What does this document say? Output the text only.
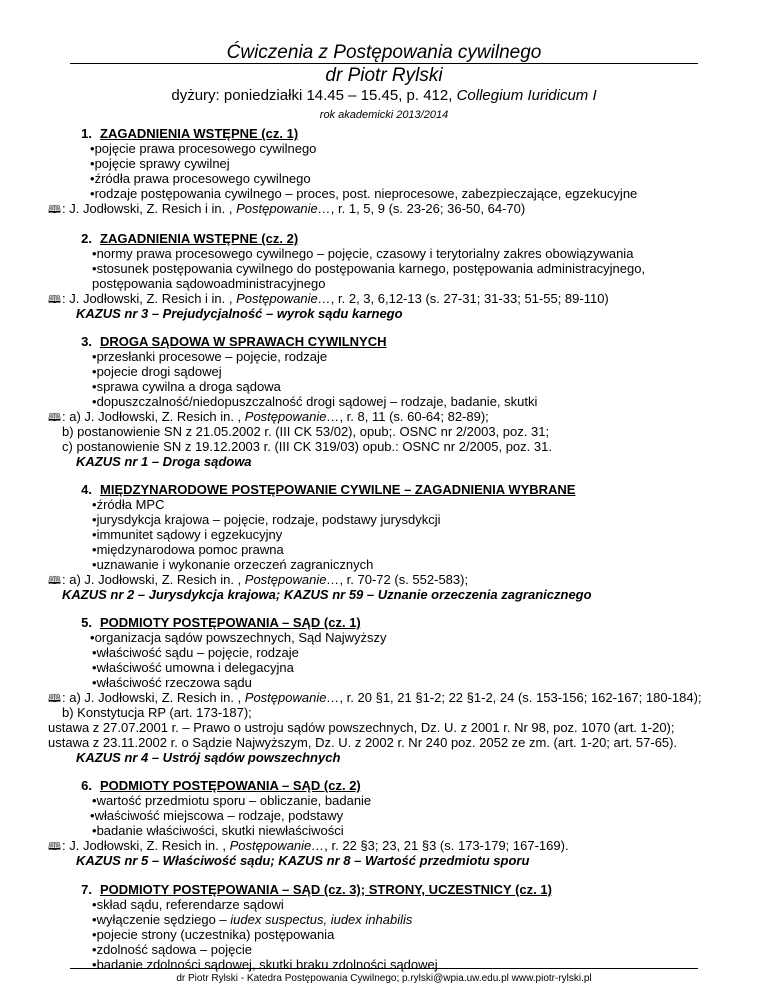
Ćwiczenia z Postępowania cywilnego
dr Piotr Rylski
dyżury: poniedziałki 14.45 – 15.45, p. 412, Collegium Iuridicum I
rok akademicki 2013/2014
1. ZAGADNIENIA WSTĘPNE (cz. 1)
• pojęcie prawa procesowego cywilnego
• pojęcie sprawy cywilnej
• źródła prawa procesowego cywilnego
• rodzaje postępowania cywilnego – proces, post. nieprocesowe, zabezpieczające, egzekucyjne
🕮: J. Jodłowski, Z. Resich i in. , Postępowanie…, r. 1, 5, 9 (s. 23-26; 36-50, 64-70)
2. ZAGADNIENIA WSTĘPNE (cz. 2)
• normy prawa procesowego cywilnego – pojęcie, czasowy i terytorialny zakres obowiązywania
• stosunek postępowania cywilnego do postępowania karnego, postępowania administracyjnego,
postępowania sądowoadministracyjnego
🕮: J. Jodłowski, Z. Resich i in. , Postępowanie…, r. 2, 3, 6,12-13 (s. 27-31; 31-33; 51-55; 89-110)
KAZUS nr 3 – Prejudycjalność – wyrok sądu karnego
3. DROGA SĄDOWA W SPRAWACH CYWILNYCH
• przesłanki procesowe – pojęcie, rodzaje
• pojecie drogi sądowej
• sprawa cywilna a droga sądowa
• dopuszczalność/niedopuszczalność drogi sądowej – rodzaje, badanie, skutki
🕮: a) J. Jodłowski, Z. Resich in. , Postępowanie…, r. 8, 11 (s. 60-64; 82-89);
b) postanowienie SN z 21.05.2002 r. (III CK 53/02), opub;. OSNC nr 2/2003, poz. 31;
c) postanowienie SN z 19.12.2003 r. (III CK 319/03) opub.: OSNC nr 2/2005, poz. 31.
KAZUS nr 1 – Droga sądowa
4. MIĘDZYNARODOWE POSTĘPOWANIE CYWILNE – ZAGADNIENIA WYBRANE
• źródła MPC
• jurysdykcja krajowa – pojęcie, rodzaje, podstawy jurysdykcji
• immunitet sądowy i egzekucyjny
• międzynarodowa pomoc prawna
• uznawanie i wykonanie orzeczeń zagranicznych
🕮: a) J. Jodłowski, Z. Resich in. , Postępowanie…, r. 70-72 (s. 552-583);
KAZUS nr 2 – Jurysdykcja krajowa; KAZUS nr 59 – Uznanie orzeczenia zagranicznego
5. PODMIOTY POSTĘPOWANIA – SĄD (cz. 1)
• organizacja sądów powszechnych, Sąd Najwyższy
• właściwość sądu – pojęcie, rodzaje
• właściwość umowna i delegacyjna
• właściwość rzeczowa sądu
🕮: a) J. Jodłowski, Z. Resich in. , Postępowanie…, r. 20 §1, 21 §1-2; 22 §1-2, 24 (s. 153-156; 162-167; 180-184);
b) Konstytucja RP (art. 173-187);
ustawa z 27.07.2001 r. – Prawo o ustroju sądów powszechnych, Dz. U. z 2001 r. Nr 98, poz. 1070 (art. 1-20);
ustawa z 23.11.2002 r. o Sądzie Najwyższym, Dz. U. z 2002 r. Nr 240 poz. 2052 ze zm. (art. 1-20; art. 57-65).
KAZUS nr 4 – Ustrój sądów powszechnych
6. PODMIOTY POSTĘPOWANIA – SĄD (cz. 2)
• wartość przedmiotu sporu – obliczanie, badanie
• właściwość miejscowa – rodzaje, podstawy
• badanie właściwości, skutki niewłaściwości
🕮: J. Jodłowski, Z. Resich in. , Postępowanie…, r. 22 §3; 23, 21 §3 (s. 173-179; 167-169).
KAZUS nr 5 – Właściwość sądu; KAZUS nr 8 – Wartość przedmiotu sporu
7. PODMIOTY POSTĘPOWANIA – SĄD (cz. 3); STRONY, UCZESTNICY (cz. 1)
• skład sądu, referendarze sądowi
• wyłączenie sędziego – iudex suspectus, iudex inhabilis
• pojecie strony (uczestnika) postępowania
• zdolność sądowa – pojęcie
• badanie zdolności sądowej, skutki braku zdolności sądowej
dr Piotr Rylski - Katedra Postępowania Cywilnego; p.rylski@wpia.uw.edu.pl www.piotr-rylski.pl
